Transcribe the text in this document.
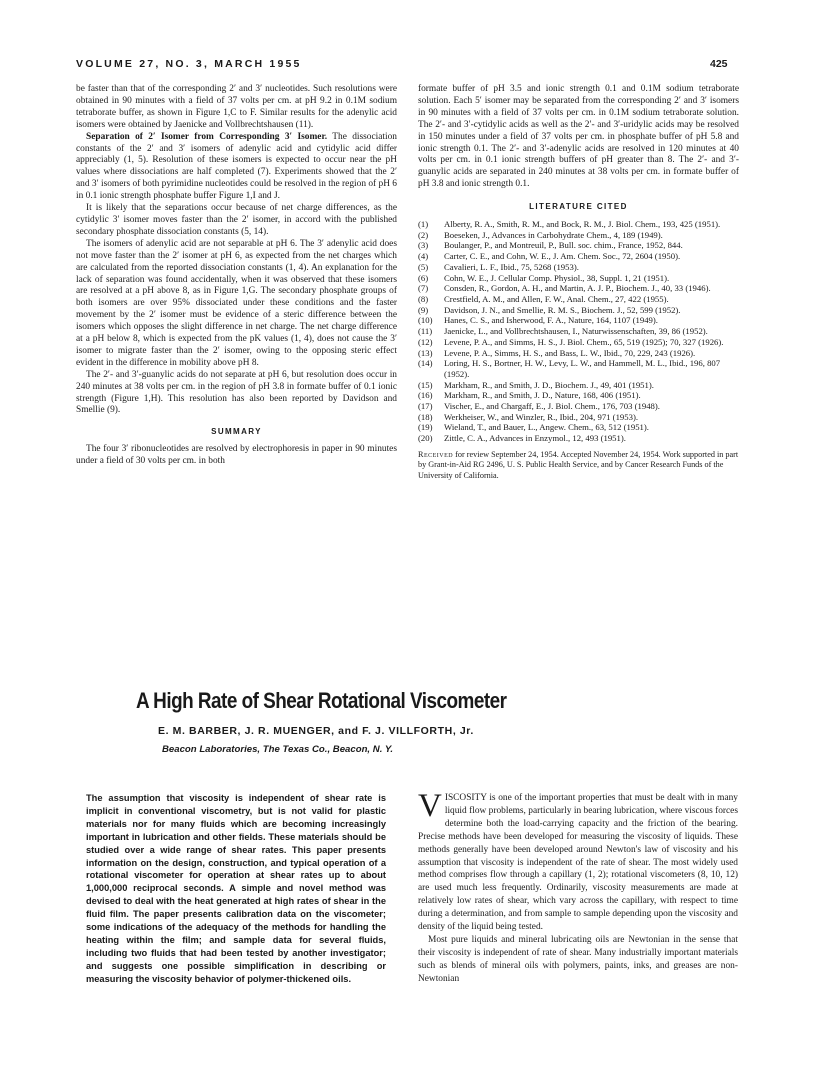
VOLUME 27, NO. 3, MARCH 1955	425

be faster than that of the corresponding 2′ and 3′ nucleotides. Such resolutions were obtained in 90 minutes with a field of 37 volts per cm. at pH 9.2 in 0.1M sodium tetraborate buffer, as shown in Figure 1,C to F. Similar results for the adenylic acid isomers were obtained by Jaenicke and Vollbrechtshausen (11).

Separation of 2′ Isomer from Corresponding 3′ Isomer. The dissociation constants of the 2′ and 3′ isomers of adenylic acid and cytidylic acid differ appreciably (1, 5). Resolution of these isomers is expected to occur near the pH values where dissociations are half completed (7). Experiments showed that the 2′ and 3′ isomers of both pyrimidine nucleotides could be resolved in the region of pH 6 in 0.1 ionic strength phosphate buffer Figure 1,I and J.

It is likely that the separations occur because of net charge differences, as the cytidylic 3′ isomer moves faster than the 2′ isomer, in accord with the published secondary phosphate dissociation constants (5, 14).

The isomers of adenylic acid are not separable at pH 6. The 3′ adenylic acid does not move faster than the 2′ isomer at pH 6, as expected from the net charges which are calculated from the reported dissociation constants (1, 4). An explanation for the lack of separation was found accidentally, when it was observed that these isomers are resolved at a pH above 8, as in Figure 1,G. The secondary phosphate groups of both isomers are over 95% dissociated under these conditions and the faster movement by the 2′ isomer must be evidence of a steric difference between the isomers which opposes the slight difference in net charge. The net charge difference at a pH below 8, which is expected from the pK values (1, 4), does not cause the 3′ isomer to migrate faster than the 2′ isomer, owing to the opposing steric effect evident in the difference in mobility above pH 8.

The 2′- and 3′-guanylic acids do not separate at pH 6, but resolution does occur in 240 minutes at 38 volts per cm. in the region of pH 3.8 in formate buffer of 0.1 ionic strength (Figure 1,H). This resolution has also been reported by Davidson and Smellie (9).

SUMMARY

The four 3′ ribonucleotides are resolved by electrophoresis in paper in 90 minutes under a field of 30 volts per cm. in both

formate buffer of pH 3.5 and ionic strength 0.1 and 0.1M sodium tetraborate solution. Each 5′ isomer may be separated from the corresponding 2′ and 3′ isomers in 90 minutes with a field of 37 volts per cm. in 0.1M sodium tetraborate solution. The 2′- and 3′-cytidylic acids as well as the 2′- and 3′-uridylic acids may be resolved in 150 minutes under a field of 37 volts per cm. in phosphate buffer of pH 5.8 and ionic strength 0.1. The 2′- and 3′-adenylic acids are resolved in 120 minutes at 40 volts per cm. in 0.1 ionic strength buffers of pH greater than 8. The 2′- and 3′-guanylic acids are separated in 240 minutes at 38 volts per cm. in formate buffer of pH 3.8 and ionic strength 0.1.

LITERATURE CITED
(1) Alberty, R. A., Smith, R. M., and Bock, R. M., J. Biol. Chem., 193, 425 (1951).
(2) Boeseken, J., Advances in Carbohydrate Chem., 4, 189 (1949).
(3) Boulanger, P., and Montreuil, P., Bull. soc. chim., France, 1952, 844.
(4) Carter, C. E., and Cohn, W. E., J. Am. Chem. Soc., 72, 2604 (1950).
(5) Cavalieri, L. F., Ibid., 75, 5268 (1953).
(6) Cohn, W. E., J. Cellular Comp. Physiol., 38, Suppl. 1, 21 (1951).
(7) Consden, R., Gordon, A. H., and Martin, A. J. P., Biochem. J., 40, 33 (1946).
(8) Crestfield, A. M., and Allen, F. W., Anal. Chem., 27, 422 (1955).
(9) Davidson, J. N., and Smellie, R. M. S., Biochem. J., 52, 599 (1952).
(10) Hanes, C. S., and Isherwood, F. A., Nature, 164, 1107 (1949).
(11) Jaenicke, L., and Vollbrechtshausen, I., Naturwissenschaften, 39, 86 (1952).
(12) Levene, P. A., and Simms, H. S., J. Biol. Chem., 65, 519 (1925); 70, 327 (1926).
(13) Levene, P. A., Simms, H. S., and Bass, L. W., Ibid., 70, 229, 243 (1926).
(14) Loring, H. S., Bortner, H. W., Levy, L. W., and Hammell, M. L., Ibid., 196, 807 (1952).
(15) Markham, R., and Smith, J. D., Biochem. J., 49, 401 (1951).
(16) Markham, R., and Smith, J. D., Nature, 168, 406 (1951).
(17) Vischer, E., and Chargaff, E., J. Biol. Chem., 176, 703 (1948).
(18) Werkheiser, W., and Winzler, R., Ibid., 204, 971 (1953).
(19) Wieland, T., and Bauer, L., Angew. Chem., 63, 512 (1951).
(20) Zittle, C. A., Advances in Enzymol., 12, 493 (1951).
Received for review September 24, 1954. Accepted November 24, 1954. Work supported in part by Grant-in-Aid RG 2496, U. S. Public Health Service, and by Cancer Research Funds of the University of California.
A High Rate of Shear Rotational Viscometer
E. M. BARBER, J. R. MUENGER, and F. J. VILLFORTH, Jr.
Beacon Laboratories, The Texas Co., Beacon, N. Y.
The assumption that viscosity is independent of shear rate is implicit in conventional viscometry, but is not valid for plastic materials nor for many fluids which are becoming increasingly important in lubrication and other fields. These materials should be studied over a wide range of shear rates. This paper presents information on the design, construction, and typical operation of a rotational viscometer for operation at shear rates up to about 1,000,000 reciprocal seconds. A simple and novel method was devised to deal with the heat generated at high rates of shear in the fluid film. The paper presents calibration data on the viscometer; some indications of the adequacy of the methods for handling the heating within the film; and sample data for several fluids, including two fluids that had been tested by another investigator; and suggests one possible simplification in describing or measuring the viscosity behavior of polymer-thickened oils.

VISCOSITY is one of the important properties that must be dealt with in many liquid flow problems, particularly in bearing lubrication, where viscous forces determine both the load-carrying capacity and the friction of the bearing. Precise methods have been developed for measuring the viscosity of liquids. These methods generally have been developed around Newton's law of viscosity and his assumption that viscosity is independent of the rate of shear. The most widely used method comprises flow through a capillary (1, 2); rotational viscometers (8, 10, 12) are used much less frequently. Ordinarily, viscosity measurements are made at relatively low rates of shear, which vary across the capillary, with respect to time during a determination, and from sample to sample depending upon the viscosity and density of the liquid being tested.

Most pure liquids and mineral lubricating oils are Newtonian in the sense that their viscosity is independent of rate of shear. Many industrially important materials such as blends of mineral oils with polymers, paints, inks, and greases are non-Newtonian
